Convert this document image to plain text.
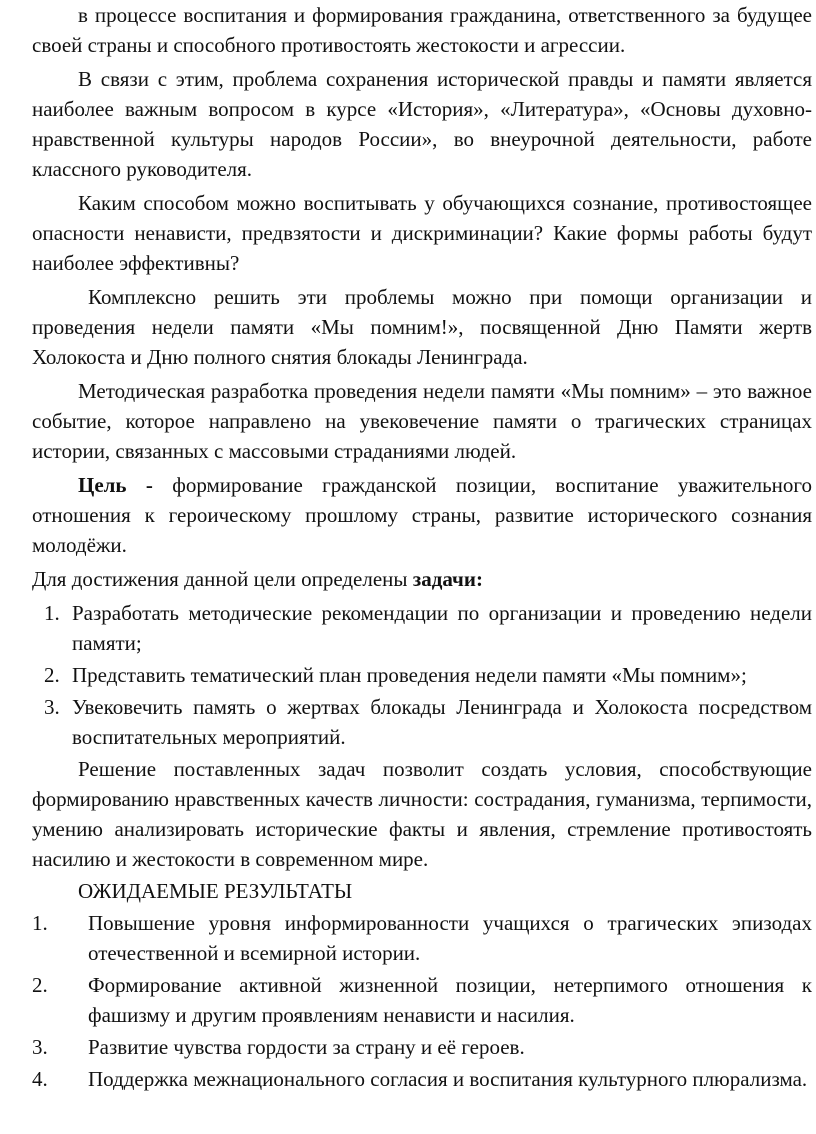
в процессе воспитания и формирования гражданина, ответственного за будущее своей страны и способного противостоять жестокости и агрессии.

В связи с этим, проблема сохранения исторической правды и памяти является наиболее важным вопросом в курсе «История», «Литература», «Основы духовно-нравственной культуры народов России», во внеурочной деятельности, работе классного руководителя.

Каким способом можно воспитывать у обучающихся сознание, противостоящее опасности ненависти, предвзятости и дискриминации? Какие формы работы будут наиболее эффективны?

Комплексно решить эти проблемы можно при помощи организации и проведения недели памяти «Мы помним!», посвященной Дню Памяти жертв Холокоста и Дню полного снятия блокады Ленинграда.

Методическая разработка проведения недели памяти «Мы помним» – это важное событие, которое направлено на увековечение памяти о трагических страницах истории, связанных с массовыми страданиями людей.

Цель - формирование гражданской позиции, воспитание уважительного отношения к героическому прошлому страны, развитие исторического сознания молодёжи.

Для достижения данной цели определены задачи:

1. Разработать методические рекомендации по организации и проведению недели памяти;
2. Представить тематический план проведения недели памяти «Мы помним»;
3. Увековечить память о жертвах блокады Ленинграда и Холокоста посредством воспитательных мероприятий.

Решение поставленных задач позволит создать условия, способствующие формированию нравственных качеств личности: сострадания, гуманизма, терпимости, умению анализировать исторические факты и явления, стремление противостоять насилию и жестокости в современном мире.

ОЖИДАЕМЫЕ РЕЗУЛЬТАТЫ

1. Повышение уровня информированности учащихся о трагических эпизодах отечественной и всемирной истории.
2. Формирование активной жизненной позиции, нетерпимого отношения к фашизму и другим проявлениям ненависти и насилия.
3. Развитие чувства гордости за страну и её героев.
4. Поддержка межнационального согласия и воспитания культурного плюрализма.
